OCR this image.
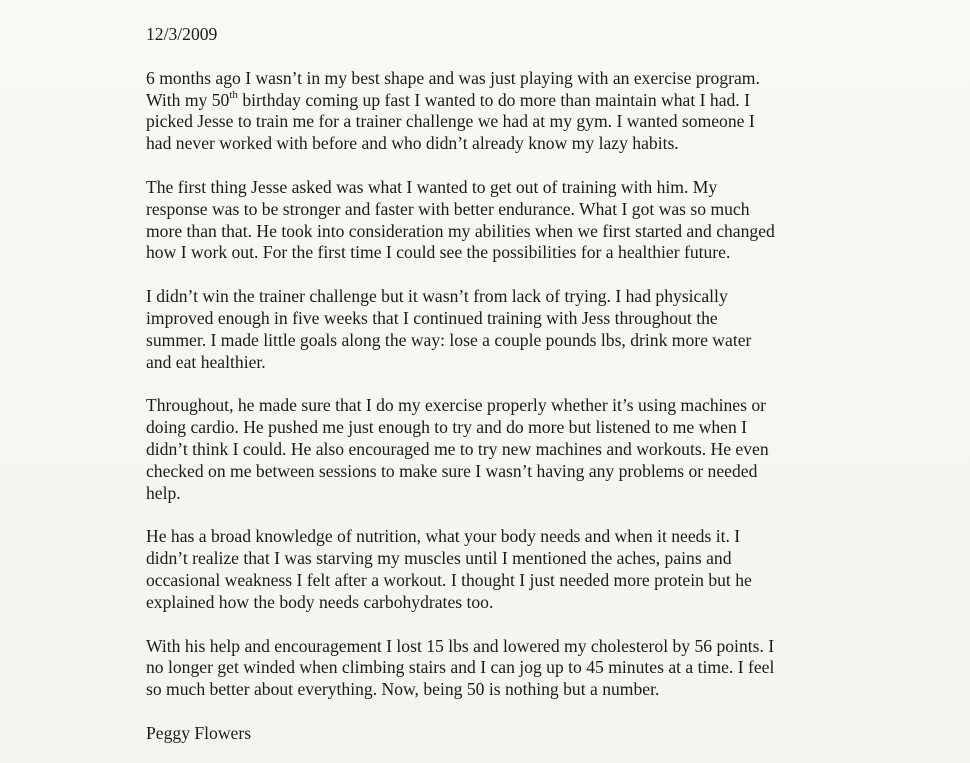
12/3/2009

6 months ago I wasn’t in my best shape and was just playing with an exercise program.
With my 50th birthday coming up fast I wanted to do more than maintain what I had. I
picked Jesse to train me for a trainer challenge we had at my gym. I wanted someone I
had never worked with before and who didn’t already know my lazy habits.

The first thing Jesse asked was what I wanted to get out of training with him. My
response was to be stronger and faster with better endurance. What I got was so much
more than that. He took into consideration my abilities when we first started and changed
how I work out. For the first time I could see the possibilities for a healthier future.

I didn’t win the trainer challenge but it wasn’t from lack of trying. I had physically
improved enough in five weeks that I continued training with Jess throughout the
summer. I made little goals along the way: lose a couple pounds lbs, drink more water
and eat healthier.

Throughout, he made sure that I do my exercise properly whether it’s using machines or
doing cardio. He pushed me just enough to try and do more but listened to me when I
didn’t think I could. He also encouraged me to try new machines and workouts. He even
checked on me between sessions to make sure I wasn’t having any problems or needed
help.

He has a broad knowledge of nutrition, what your body needs and when it needs it. I
didn’t realize that I was starving my muscles until I mentioned the aches, pains and
occasional weakness I felt after a workout. I thought I just needed more protein but he
explained how the body needs carbohydrates too.

With his help and encouragement I lost 15 lbs and lowered my cholesterol by 56 points. I
no longer get winded when climbing stairs and I can jog up to 45 minutes at a time. I feel
so much better about everything. Now, being 50 is nothing but a number.

Peggy Flowers
